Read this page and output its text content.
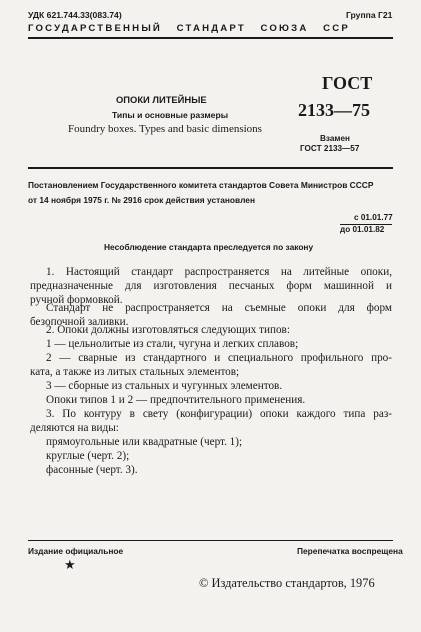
УДК 621.744.33(083.74)	Группа Г21
ГОСУДАРСТВЕННЫЙ   СТАНДАРТ   СОЮЗА   ССР
ОПОКИ ЛИТЕЙНЫЕ
Типы и основные размеры
Foundry boxes. Types and basic dimensions
ГОСТ
2133—75
Взамен
ГОСТ 2133—57
Постановлением Государственного комитета стандартов Совета Министров СССР
от 14 ноября 1975 г. № 2916 срок действия установлен
с 01.01.77
до 01.01.82
Несоблюдение стандарта преследуется по закону
1. Настоящий стандарт распространяется на литейные опоки,
предназначенные для изготовления песчаных форм машинной и
ручной формовкой.
Стандарт не распространяется на съемные опоки для форм
безопочной заливки.
2. Опоки должны изготовляться следующих типов:
1 — цельнолитые из стали, чугуна и легких сплавов;
2 — сварные из стандартного и специального профильного про-
ката, а также из литых стальных элементов;
3 — сборные из стальных и чугунных элементов.
Опоки типов 1 и 2 — предпочтительного применения.
3. По контуру в свету (конфигурации) опоки каждого типа раз-
деляются на виды:
прямоугольные или квадратные (черт. 1);
круглые (черт. 2);
фасонные (черт. 3).
Издание официальное	Перепечатка воспрещена
★
© Издательство стандартов, 1976
